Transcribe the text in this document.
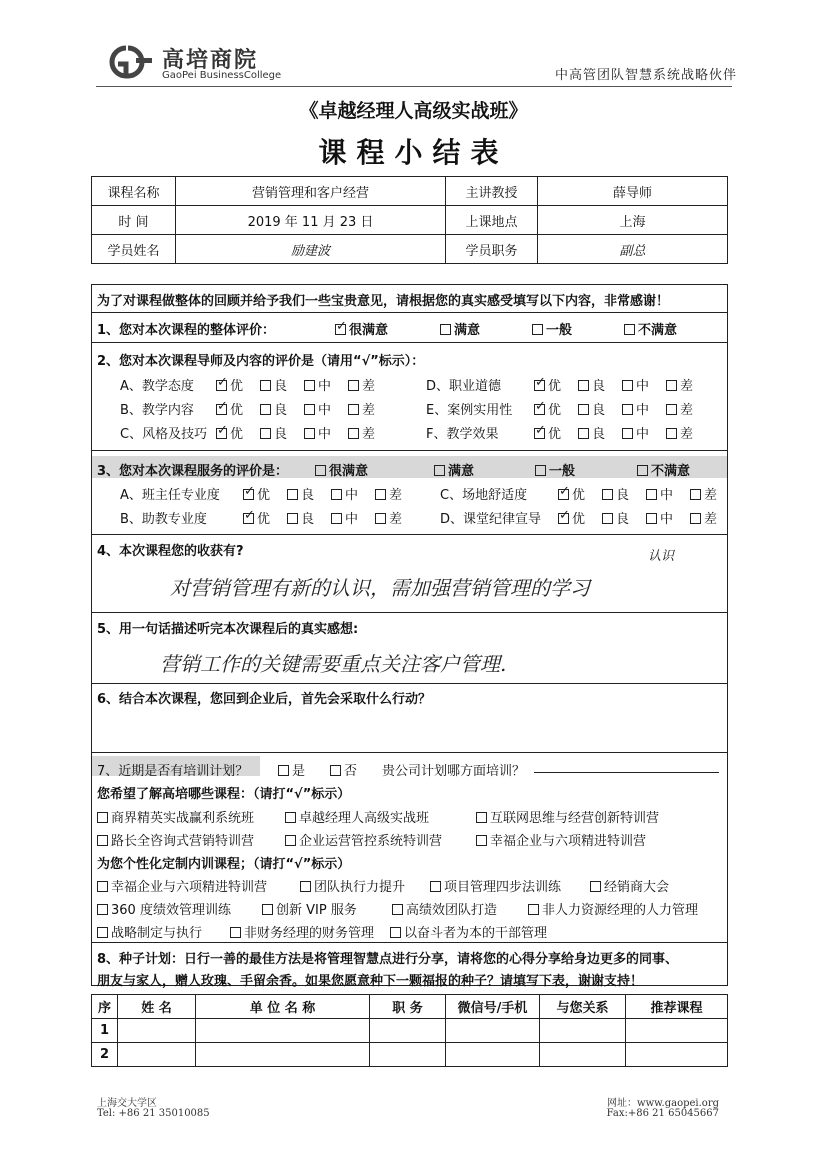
高培商院
GaoPei BusinessCollege	中高管团队智慧系统战略伙伴
《卓越经理人高级实战班》
课程小结表
课程名称	营销管理和客户经营	主讲教授	薛导师
时 间	2019 年 11 月 23 日	上课地点	上海
学员姓名	励建波	学员职务	副总
为了对课程做整体的回顾并给予我们一些宝贵意见，请根据您的真实感受填写以下内容，非常感谢！
1、您对本次课程的整体评价： ✓	很满意	满意	一般	不满意
2、您对本次课程导师及内容的评价是（请用“√”标示）：
A、教学态度	D、职业道德
✓优	良	中	差 ✓	优	良	中	差
B、教学内容	E、案例实用性
✓优	良	中	差 ✓	优	良	中	差
C、风格及技巧	F、教学效果
✓优	良	中	差 ✓	优	良	中	差
3、您对本次课程服务的评价是：	很满意	满意	一般	不满意
A、班主任专业度	C、场地舒适度
✓优	良	中	差 ✓	优	良	中	差
B、助教专业度	D、课堂纪律宣导
✓优	良	中	差 ✓	优	良	中	差
4、本次课程您的收获有?	认识
对营销管理有新的认识，需加强营销管理的学习
5、用一句话描述听完本次课程后的真实感想:
营销工作的关键需要重点关注客户管理.
6、结合本次课程，您回到企业后，首先会采取什么行动？
7、近期是否有培训计划？	是	否 贵公司计划哪方面培训？
您希望了解高培哪些课程：（请打“√”标示）
商界精英实战赢利系统班	卓越经理人高级实战班	互联网思维与经营创新特训营
路长全咨询式营销特训营	企业运营管控系统特训营	幸福企业与六项精进特训营
为您个性化定制内训课程；（请打“√”标示）
幸福企业与六项精进特训营	团队执行力提升	项目管理四步法训练	经销商大会
360 度绩效管理训练	创新 VIP 服务	高绩效团队打造	非人力资源经理的人力管理
战略制定与执行	非财务经理的财务管理	以奋斗者为本的干部管理
8、种子计划：日行一善的最佳方法是将管理智慧点进行分享，请将您的心得分享给身边更多的同事、
朋友与家人，赠人玫瑰、手留余香。如果您愿意种下一颗福报的种子？请填写下表，谢谢支持！
序	姓 名	单 位 名 称	职 务	微信号/手机	与您关系	推荐课程
1						
2						
上海交大学区
Tel: +86 21 35010085
网址：www.gaopei.org
Fax:+86 21 65045667
